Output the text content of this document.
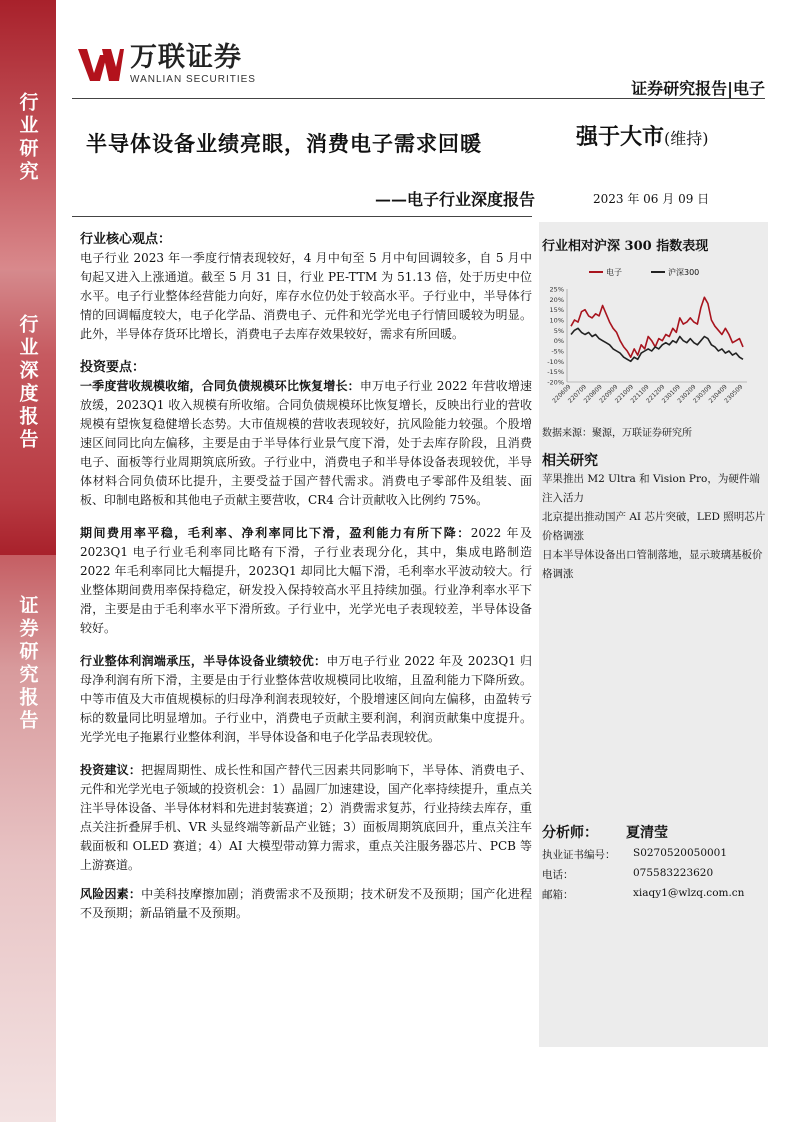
行业研究
行业深度报告
证券研究报告
万联证券
WANLIAN SECURITIES	证券研究报告|电子
半导体设备业绩亮眼，消费电子需求回暖
——电子行业深度报告
强于大市(维持)
2023 年 06 月 09 日

行业核心观点：

电子行业 2023 年一季度行情表现较好，4 月中旬至 5 月中旬回调较多，自 5 月中旬起又进入上涨通道。截至 5 月 31 日，行业 PE-TTM 为 51.13 倍，处于历史中位水平。电子行业整体经营能力向好，库存水位仍处于较高水平。子行业中，半导体行情的回调幅度较大，电子化学品、消费电子、元件和光学光电子行情回暖较为明显。此外，半导体存货环比增长，消费电子去库存效果较好，需求有所回暖。

投资要点：

一季度营收规模收缩，合同负债规模环比恢复增长：申万电子行业 2022 年营收增速放缓，2023Q1 收入规模有所收缩。合同负债规模环比恢复增长，反映出行业的营收规模有望恢复稳健增长态势。大市值规模的营收表现较好，抗风险能力较强。个股增速区间同比向左偏移，主要是由于半导体行业景气度下滑，处于去库存阶段，且消费电子、面板等行业周期筑底所致。子行业中，消费电子和半导体设备表现较优，半导体材料合同负债环比提升，主要受益于国产替代需求。消费电子零部件及组装、面板、印制电路板和其他电子贡献主要营收，CR4 合计贡献收入比例约 75%。

期间费用率平稳，毛利率、净利率同比下滑，盈利能力有所下降：2022 年及 2023Q1 电子行业毛利率同比略有下滑，子行业表现分化，其中，集成电路制造 2022 年毛利率同比大幅提升，2023Q1 却同比大幅下滑，毛利率水平波动较大。行业整体期间费用率保持稳定，研发投入保持较高水平且持续加强。行业净利率水平下滑，主要是由于毛利率水平下滑所致。子行业中，光学光电子表现较差，半导体设备较好。

行业整体利润端承压，半导体设备业绩较优：申万电子行业 2022 年及 2023Q1 归母净利润有所下滑，主要是由于行业整体营收规模同比收缩，且盈利能力下降所致。中等市值及大市值规模标的归母净利润表现较好，个股增速区间向左偏移，由盈转亏标的数量同比明显增加。子行业中，消费电子贡献主要利润，利润贡献集中度提升。光学光电子拖累行业整体利润，半导体设备和电子化学品表现较优。

投资建议：把握周期性、成长性和国产替代三因素共同影响下，半导体、消费电子、元件和光学光电子领域的投资机会：1）晶圆厂加速建设，国产化率持续提升，重点关注半导体设备、半导体材料和先进封装赛道；2）消费需求复苏，行业持续去库存，重点关注折叠屏手机、VR 头显终端等新品产业链；3）面板周期筑底回升，重点关注车载面板和 OLED 赛道；4）AI 大模型带动算力需求，重点关注服务器芯片、PCB 等上游赛道。

风险因素：中美科技摩擦加剧；消费需求不及预期；技术研发不及预期；国产化进程不及预期；新品销量不及预期。

行业相对沪深 300 指数表现
电子	沪深300
25%
20%
15%
10%
5%
0%
-5%
-10%
-15%
-20%
220609
220709
220809
220909
221009
221109
221209
230109
230209
230309
230409
230509
数据来源：聚源，万联证券研究所
相关研究
苹果推出 M2 Ultra 和 Vision Pro，为硬件端注入活力
北京提出推动国产 AI 芯片突破，LED 照明芯片价格调涨
日本半导体设备出口管制落地，显示玻璃基板价格调涨
分析师： 夏清莹
执业证书编号： S0270520050001
电话：	075583223620
邮箱：	xiaqy1@wlzq.com.cn
